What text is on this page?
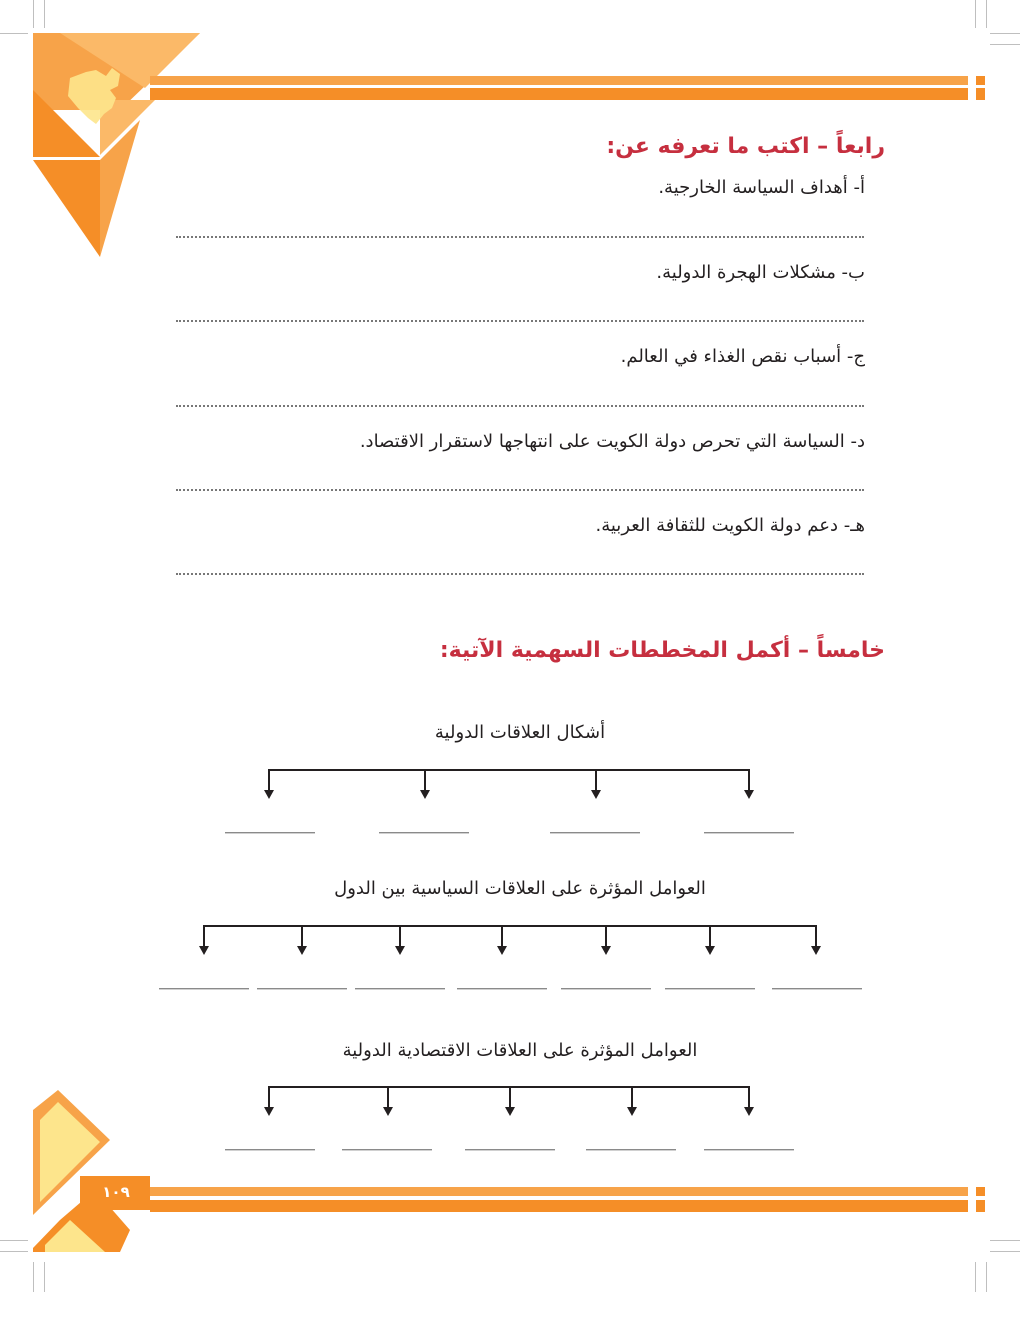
رابعاً – اكتب ما تعرفه عن:
أ- أهداف السياسة الخارجية.
ب- مشكلات الهجرة الدولية.
ج- أسباب نقص الغذاء في العالم.
د- السياسة التي تحرص دولة الكويت على انتهاجها لاستقرار الاقتصاد.
هـ- دعم دولة الكويت للثقافة العربية.
خامساً – أكمل المخططات السهمية الآتية:
أشكال العلاقات الدولية
العوامل المؤثرة على العلاقات السياسية بين الدول
العوامل المؤثرة على العلاقات الاقتصادية الدولية
١٠٩
